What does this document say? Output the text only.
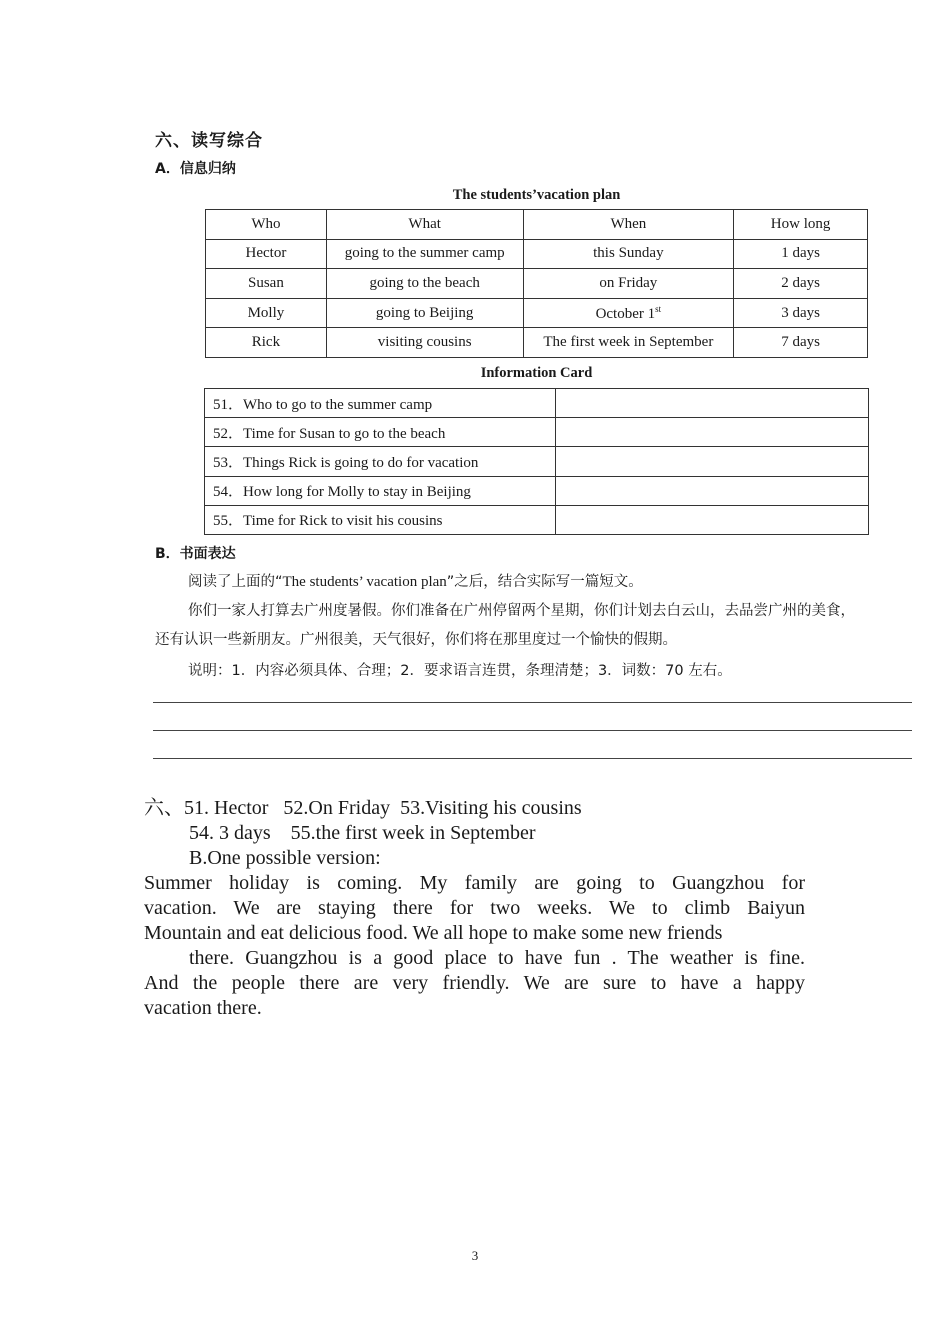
六、读写综合
A．信息归纳
The students’vacation plan
Who	What	When	How long
Hector	going to the summer camp	this Sunday	1 days
Susan	going to the beach	on Friday	2 days
Molly	going to Beijing	October 1st	3 days
Rick	visiting cousins	The first week in September	7 days
Information Card
51．Who to go to the summer camp	
52．Time for Susan to go to the beach	
53．Things Rick is going to do for vacation	
54．How long for Molly to stay in Beijing	
55．Time for Rick to visit his cousins	
B．书面表达
阅读了上面的“The students’ vacation plan”之后，结合实际写一篇短文。
你们一家人打算去广州度暑假。你们准备在广州停留两个星期，你们计划去白云山，去品尝广州的美食，
还有认识一些新朋友。广州很美，天气很好，你们将在那里度过一个愉快的假期。
说明：1．内容必须具体、合理；2．要求语言连贯，条理清楚；3．词数：70 左右。
六、51. Hector   52.On Friday  53.Visiting his cousins
54. 3 days    55.the first week in September
B.One possible version:
Summer holiday is coming. My family are going to Guangzhou for
vacation. We are staying there for two weeks. We to climb Baiyun
Mountain and eat delicious food. We all hope to make some new friends
there. Guangzhou is a good place to have fun . The weather is fine.
And the people there are very friendly. We are sure to have a happy
vacation there.
3
